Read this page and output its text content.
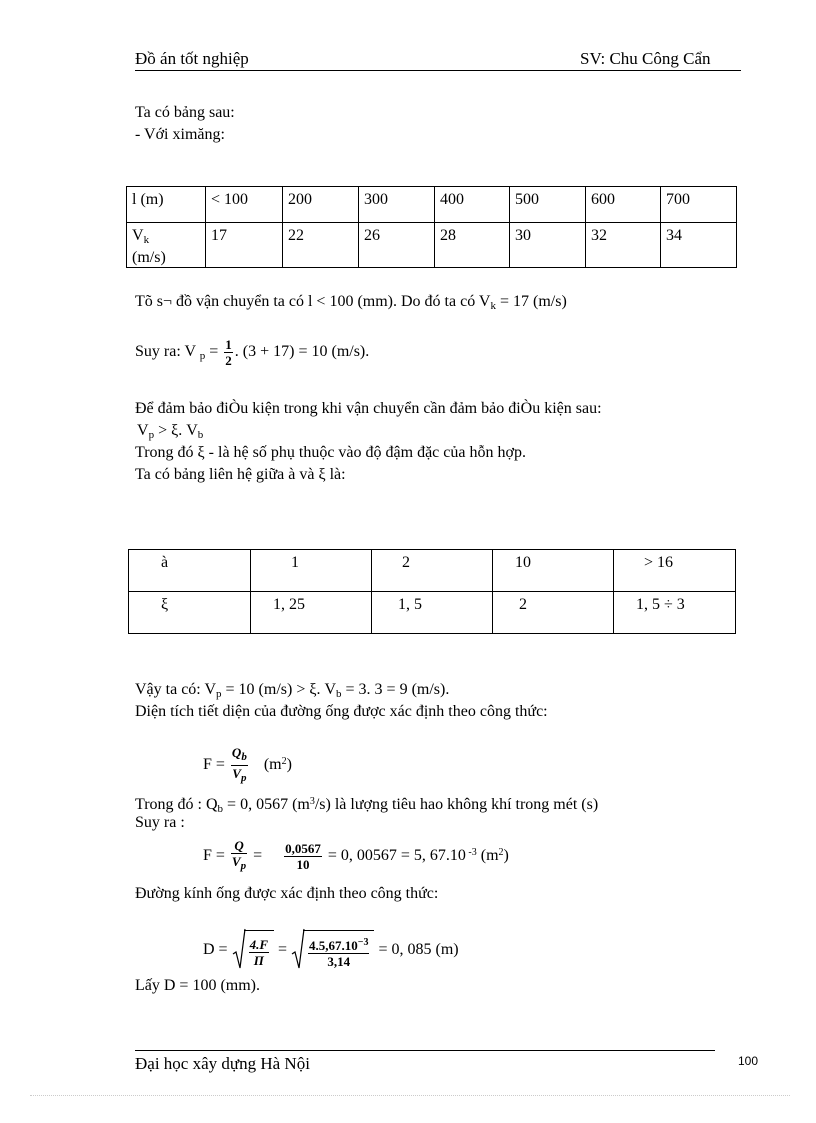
Đồ án tốt nghiệp	SV: Chu Công Cẩn
Ta có bảng sau:
- Với ximăng:
l (m)	< 100	200	300	400	500	600	700
$V_k$
(m/s)	17	22	26	28	30	32	34
Tõ s¬ đồ vận chuyển ta có l < 100 (mm). Do đó ta có $V_k = 17$ (m/s)
Suy ra: V $_p = \frac{1}{2}$ . (3 + 17) = 10 (m/s).
Để đảm bảo điÒu kiện trong khi vận chuyển cần đảm bảo điÒu kiện sau:
$V_p > \xi$. $V_b$
Trong đó ξ - là hệ số phụ thuộc vào độ đậm đặc của hỗn hợp.
Ta có bảng liên hệ giữa à và ξ là:
à	1	2	10	> 16
ξ	1, 25	1, 5	2	1, 5 ÷ 3
Vậy ta có: $V_p = 10$ (m/s) > ξ. $V_b = 3$. 3 = 9 (m/s).
Diện tích tiết diện của đường ống được xác định theo công thức:
$F = \frac{Q_b}{V_p} (m^2)$
Trong đó : $Q_b = 0$, 0567 $(m^3/s)$ là lượng tiêu hao không khí trong mét (s)
Suy ra :
$F = \frac{Q}{V_p} = \frac{0,0567}{10} = 0$, 00567 = 5, 67.10 $^{-3}$ $(m^2)$
Đường kính ống được xác định theo công thức:
$D = \frac{4.F}{\Pi} = \frac{4.5,67.10^{-3}}{3,14} = 0$, 085 (m)
Lấy D = 100 (mm).
Đại học xây dựng Hà Nội	100
